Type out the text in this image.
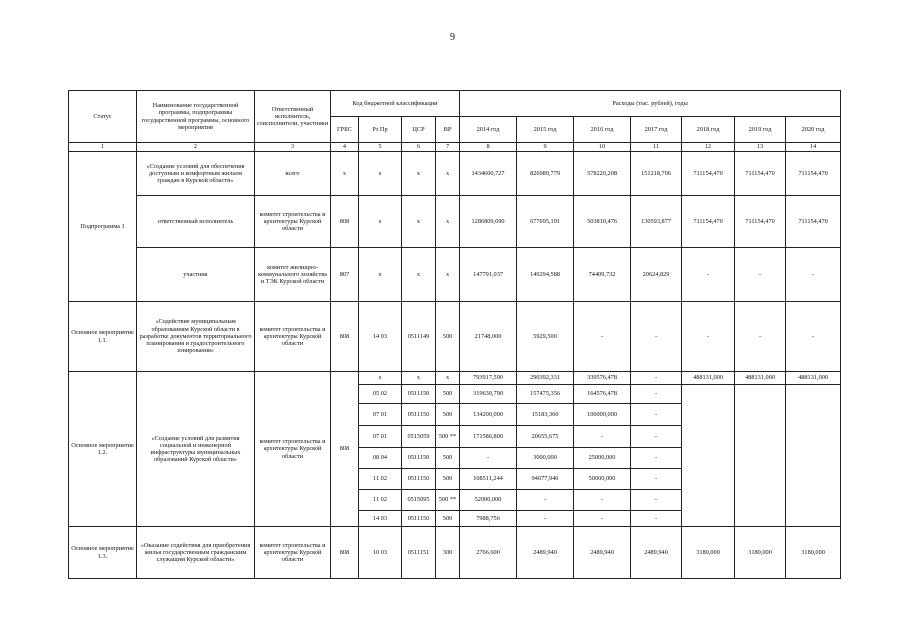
9
Статус	Наименование государственной программы, подпрограммы государственной программы, основного мероприятия	Ответственный исполнитель, соисполнители, участники	Код бюджетной классификации				Расходы (тыс. рублей), годы						
			ГРБС	Рз Пр	ЦСР	ВР	2014 год	2015 год	2016 год	2017 год	2018 год	2019 год	2020 год
1	2	3	4	5	6	7	8	9	10	11	12	13	14
Подпрограмма 1	«Создание условий для обеспечения доступным и комфортным жильем граждан в Курской области»	всего	x	x	x	x	1434600,727	826989,779	578220,208	151218,706	711154,470	711154,470	711154,470
	ответственный исполнитель	комитет строительства и архитектуры Курской области	808	x	x	x	1286809,690	677695,191	503810,476	130593,877	711154,470	711154,470	711154,470
	участник	комитет жилищно-коммунального хозяйства и ТЭК Курской области	807	x	x	x	147791,037	149294,588	74409,732	20624,829	-	-	-
Основное мероприятие 1.1.	«Содействие муниципальным образованиям Курской области в разработке документов территориального планирования и градостроительного зонирования»	комитет строительства и архитектуры Курской области	808	14 03	0511149	500	21748,000	5929,500	-	-	-	-	-
Основное мероприятие 1.2.	«Создание условий для развития социальной и инженерной инфраструктуры муниципальных образований Курской области»	комитет строительства и архитектуры Курской области	808	x	x	x	793917,590	290392,331	339576,478	-	488131,000	488131,000	488131,000
				05 02	0511150	500	319630,790	157475,356	164576,478	-			
				07 01	0511150	500	134200,000	15183,360	100000,000	-			
				07 01	0515059	500 **	171586,800	20655,675	-	-			
				08 04	0511150	500	-	3000,000	25000,000	-			
				11 02	0511150	500	108511,244	94077,940	50000,000	-			
				11 02	0515095	500 **	52000,000	-	-	-			
				14 03	0511150	500	7988,756	-	-	-			
Основное мероприятие 1.3.	«Оказание содействия для приобретения жилья государственным гражданским служащим Курской области»	комитет строительства и архитектуры Курской области	808	10 03	0511151	300	2766,600	2489,940	2489,940	2489,940	3180,000	3180,000	3180,000
